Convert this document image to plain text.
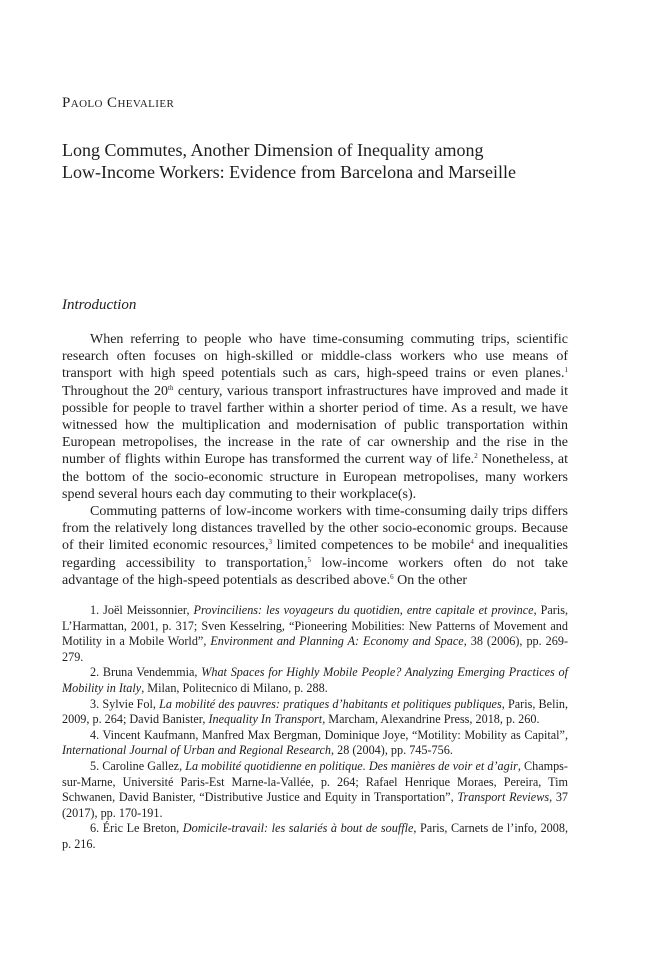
Paolo Chevalier
Long Commutes, Another Dimension of Inequality among
Low-Income Workers: Evidence from Barcelona and Marseille
Introduction

When referring to people who have time-consuming commuting trips, scientific research often focuses on high-skilled or middle-class workers who use means of transport with high speed potentials such as cars, high-speed trains or even planes.$^1$ Throughout the 20th century, various transport infrastructures have improved and made it possible for people to travel farther within a shorter period of time. As a result, we have witnessed how the multiplication and modernisation of public transportation within European metropolises, the increase in the rate of car ownership and the rise in the number of flights within Europe has transformed the current way of life.$^2$ Nonetheless, at the bottom of the socio-economic structure in European metropolises, many workers spend several hours each day commuting to their workplace(s).

Commuting patterns of low-income workers with time-consuming daily trips differs from the relatively long distances travelled by the other socio-economic groups. Because of their limited economic resources,$^3$ limited competences to be mobile$^4$ and inequalities regarding accessibility to transportation,$^5$ low-income workers often do not take advantage of the high-speed potentials as described above.$^6$ On the other

1. Joël Meissonnier, Provinciliens: les voyageurs du quotidien, entre capitale et province, Paris, L’Harmattan, 2001, p. 317; Sven Kesselring, “Pioneering Mobilities: New Patterns of Movement and Motility in a Mobile World”, Environment and Planning A: Economy and Space, 38 (2006), pp. 269-279.

2. Bruna Vendemmia, What Spaces for Highly Mobile People? Analyzing Emerging Practices of Mobility in Italy, Milan, Politecnico di Milano, p. 288.

3. Sylvie Fol, La mobilité des pauvres: pratiques d’habitants et politiques publiques, Paris, Belin, 2009, p. 264; David Banister, Inequality In Transport, Marcham, Alexandrine Press, 2018, p. 260.

4. Vincent Kaufmann, Manfred Max Bergman, Dominique Joye, “Motility: Mobility as Capital”, International Journal of Urban and Regional Research, 28 (2004), pp. 745-756.

5. Caroline Gallez, La mobilité quotidienne en politique. Des manières de voir et d’agir, Champs-sur-Marne, Université Paris-Est Marne-la-Vallée, p. 264; Rafael Henrique Moraes, Pereira, Tim Schwanen, David Banister, “Distributive Justice and Equity in Transportation”, Transport Reviews, 37 (2017), pp. 170-191.

6. Éric Le Breton, Domicile-travail: les salariés à bout de souffle, Paris, Carnets de l’info, 2008, p. 216.
